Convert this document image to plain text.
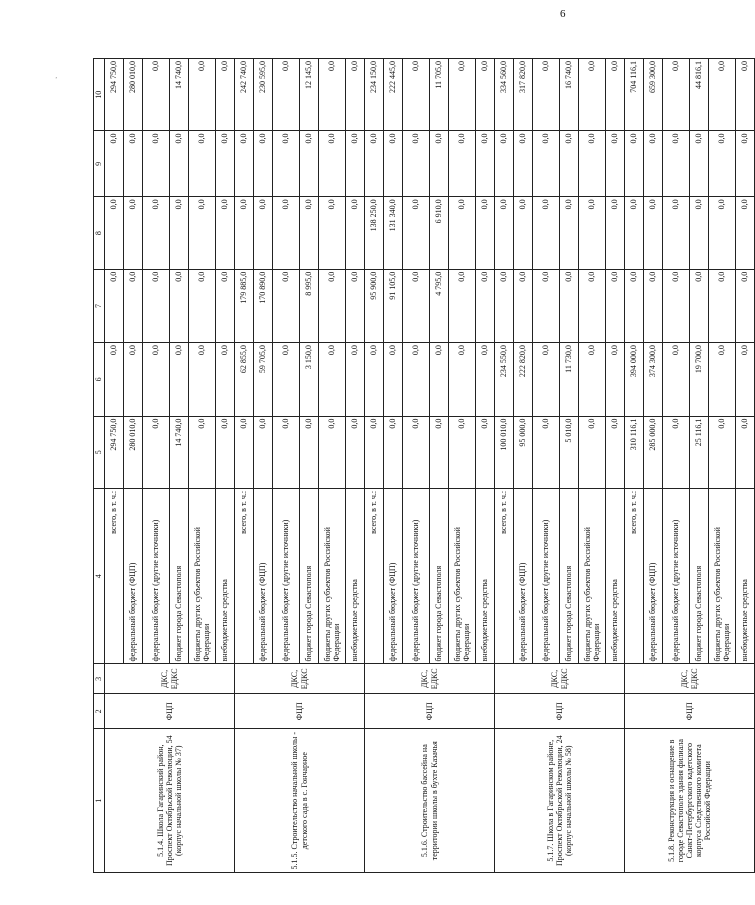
6
‚
1	2	3	4	5	6	7	8	9	10
5.1.4. Школа Гагаринский район, Проспект Октябрьской Революции, 54 (корпус начальной школы № 37)	ФЦП	ДКС, ЕДКС	всего, в т. ч.:	294 750,0	0,0	0,0	0,0	0,0	294 750,0
			федеральный бюджет (ФЦП)	280 010,0	0,0	0,0	0,0	0,0	280 010,0
			федеральный бюджет (другие источники)	0,0	0,0	0,0	0,0	0,0	0,0
			бюджет города Севастополя	14 740,0	0,0	0,0	0,0	0,0	14 740,0
			бюджеты других субъектов Российской Федерации	0,0	0,0	0,0	0,0	0,0	0,0
			внебюджетные средства	0,0	0,0	0,0	0,0	0,0	0,0
5.1.5. Строительство начальной школы - детского сада в с. Гончарное	ФЦП	ДКС, ЕДКС	всего, в т. ч.:	0,0	62 855,0	179 885,0	0,0	0,0	242 740,0
			федеральный бюджет (ФЦП)	0,0	59 705,0	170 890,0	0,0	0,0	230 595,0
			федеральный бюджет (другие источники)	0,0	0,0	0,0	0,0	0,0	0,0
			бюджет города Севастополя	0,0	3 150,0	8 995,0	0,0	0,0	12 145,0
			бюджеты других субъектов Российской Федерации	0,0	0,0	0,0	0,0	0,0	0,0
			внебюджетные средства	0,0	0,0	0,0	0,0	0,0	0,0
5.1.6. Строительство бассейна на территории школы в бухте Казачья	ФЦП	ДКС, ЕДКС	всего, в т. ч.:	0,0	0,0	95 900,0	138 250,0	0,0	234 150,0
			федеральный бюджет (ФЦП)	0,0	0,0	91 105,0	131 340,0	0,0	222 445,0
			федеральный бюджет (другие источники)	0,0	0,0	0,0	0,0	0,0	0,0
			бюджет города Севастополя	0,0	0,0	4 795,0	6 910,0	0,0	11 705,0
			бюджеты других субъектов Российской Федерации	0,0	0,0	0,0	0,0	0,0	0,0
			внебюджетные средства	0,0	0,0	0,0	0,0	0,0	0,0
5.1.7. Школа в Гагаринском районе, Проспект Октябрьской Революции, 24 (корпус начальной школы № 58)	ФЦП	ДКС, ЕДКС	всего, в т. ч.:	100 010,0	234 550,0	0,0	0,0	0,0	334 560,0
			федеральный бюджет (ФЦП)	95 000,0	222 820,0	0,0	0,0	0,0	317 820,0
			федеральный бюджет (другие источники)	0,0	0,0	0,0	0,0	0,0	0,0
			бюджет города Севастополя	5 010,0	11 730,0	0,0	0,0	0,0	16 740,0
			бюджеты других субъектов Российской Федерации	0,0	0,0	0,0	0,0	0,0	0,0
			внебюджетные средства	0,0	0,0	0,0	0,0	0,0	0,0
5.1.8. Реконструкция и оснащение в городе Севастополе здания филиала Санкт-Петербургского кадетского корпуса Следственного комитета Российской Федерации	ФЦП	ДКС, ЕДКС	всего, в т. ч.:	310 116,1	394 000,0	0,0	0,0	0,0	704 116,1
			федеральный бюджет (ФЦП)	285 000,0	374 300,0	0,0	0,0	0,0	659 300,0
			федеральный бюджет (другие источники)	0,0	0,0	0,0	0,0	0,0	0,0
			бюджет города Севастополя	25 116,1	19 700,0	0,0	0,0	0,0	44 816,1
			бюджеты других субъектов Российской Федерации	0,0	0,0	0,0	0,0	0,0	0,0
			внебюджетные средства	0,0	0,0	0,0	0,0	0,0	0,0
